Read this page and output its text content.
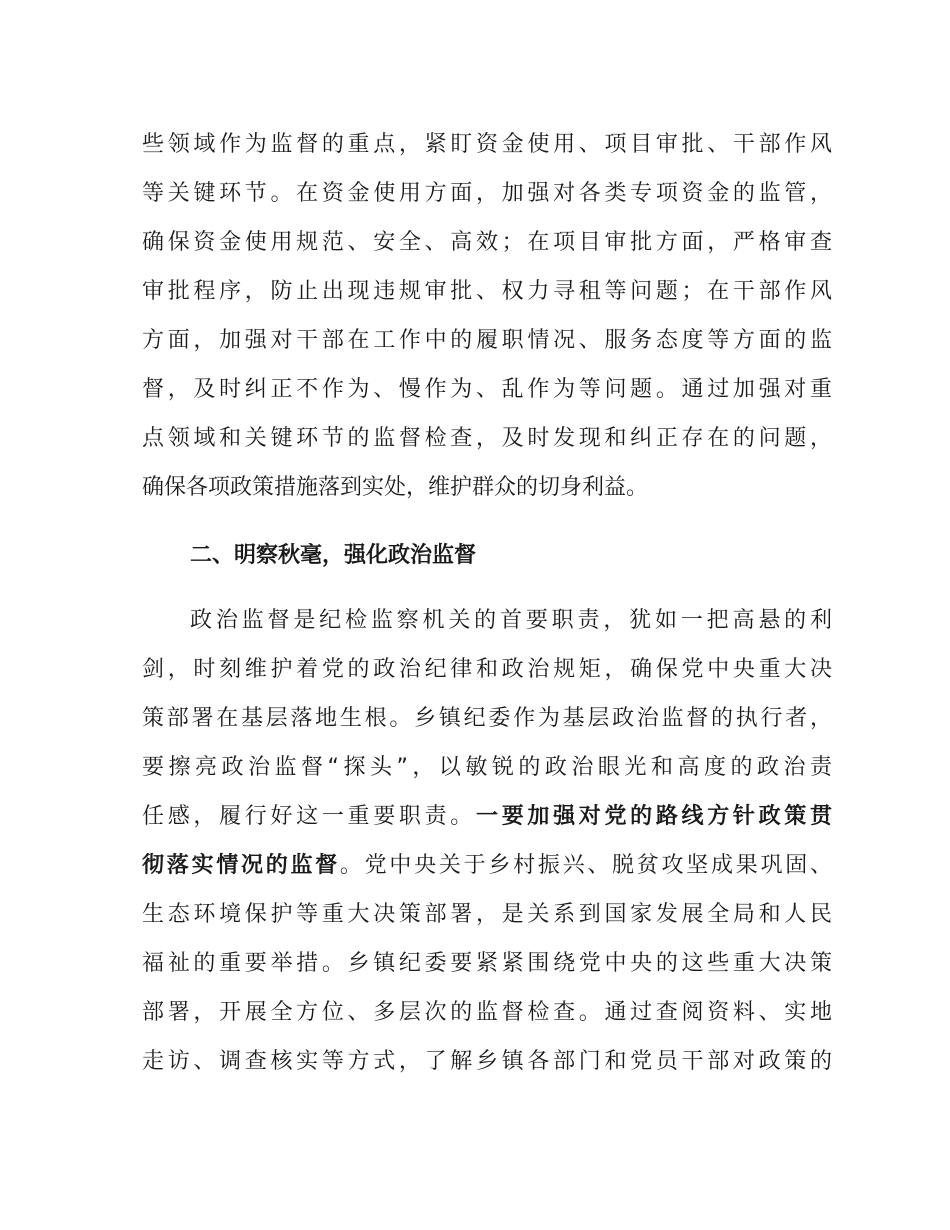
些领域作为监督的重点，紧盯资金使用、项目审批、干部作风
等关键环节。在资金使用方面，加强对各类专项资金的监管，
确保资金使用规范、安全、高效；在项目审批方面，严格审查
审批程序，防止出现违规审批、权力寻租等问题；在干部作风
方面，加强对干部在工作中的履职情况、服务态度等方面的监
督，及时纠正不作为、慢作为、乱作为等问题。通过加强对重
点领域和关键环节的监督检查，及时发现和纠正存在的问题，
确保各项政策措施落到实处，维护群众的切身利益。
二、明察秋毫，强化政治监督
政治监督是纪检监察机关的首要职责，犹如一把高悬的利
剑，时刻维护着党的政治纪律和政治规矩，确保党中央重大决
策部署在基层落地生根。乡镇纪委作为基层政治监督的执行者，
要擦亮政治监督“探头”，以敏锐的政治眼光和高度的政治责
任感，履行好这一重要职责。一要加强对党的路线方针政策贯
彻落实情况的监督。党中央关于乡村振兴、脱贫攻坚成果巩固、
生态环境保护等重大决策部署，是关系到国家发展全局和人民
福祉的重要举措。乡镇纪委要紧紧围绕党中央的这些重大决策
部署，开展全方位、多层次的监督检查。通过查阅资料、实地
走访、调查核实等方式，了解乡镇各部门和党员干部对政策的
